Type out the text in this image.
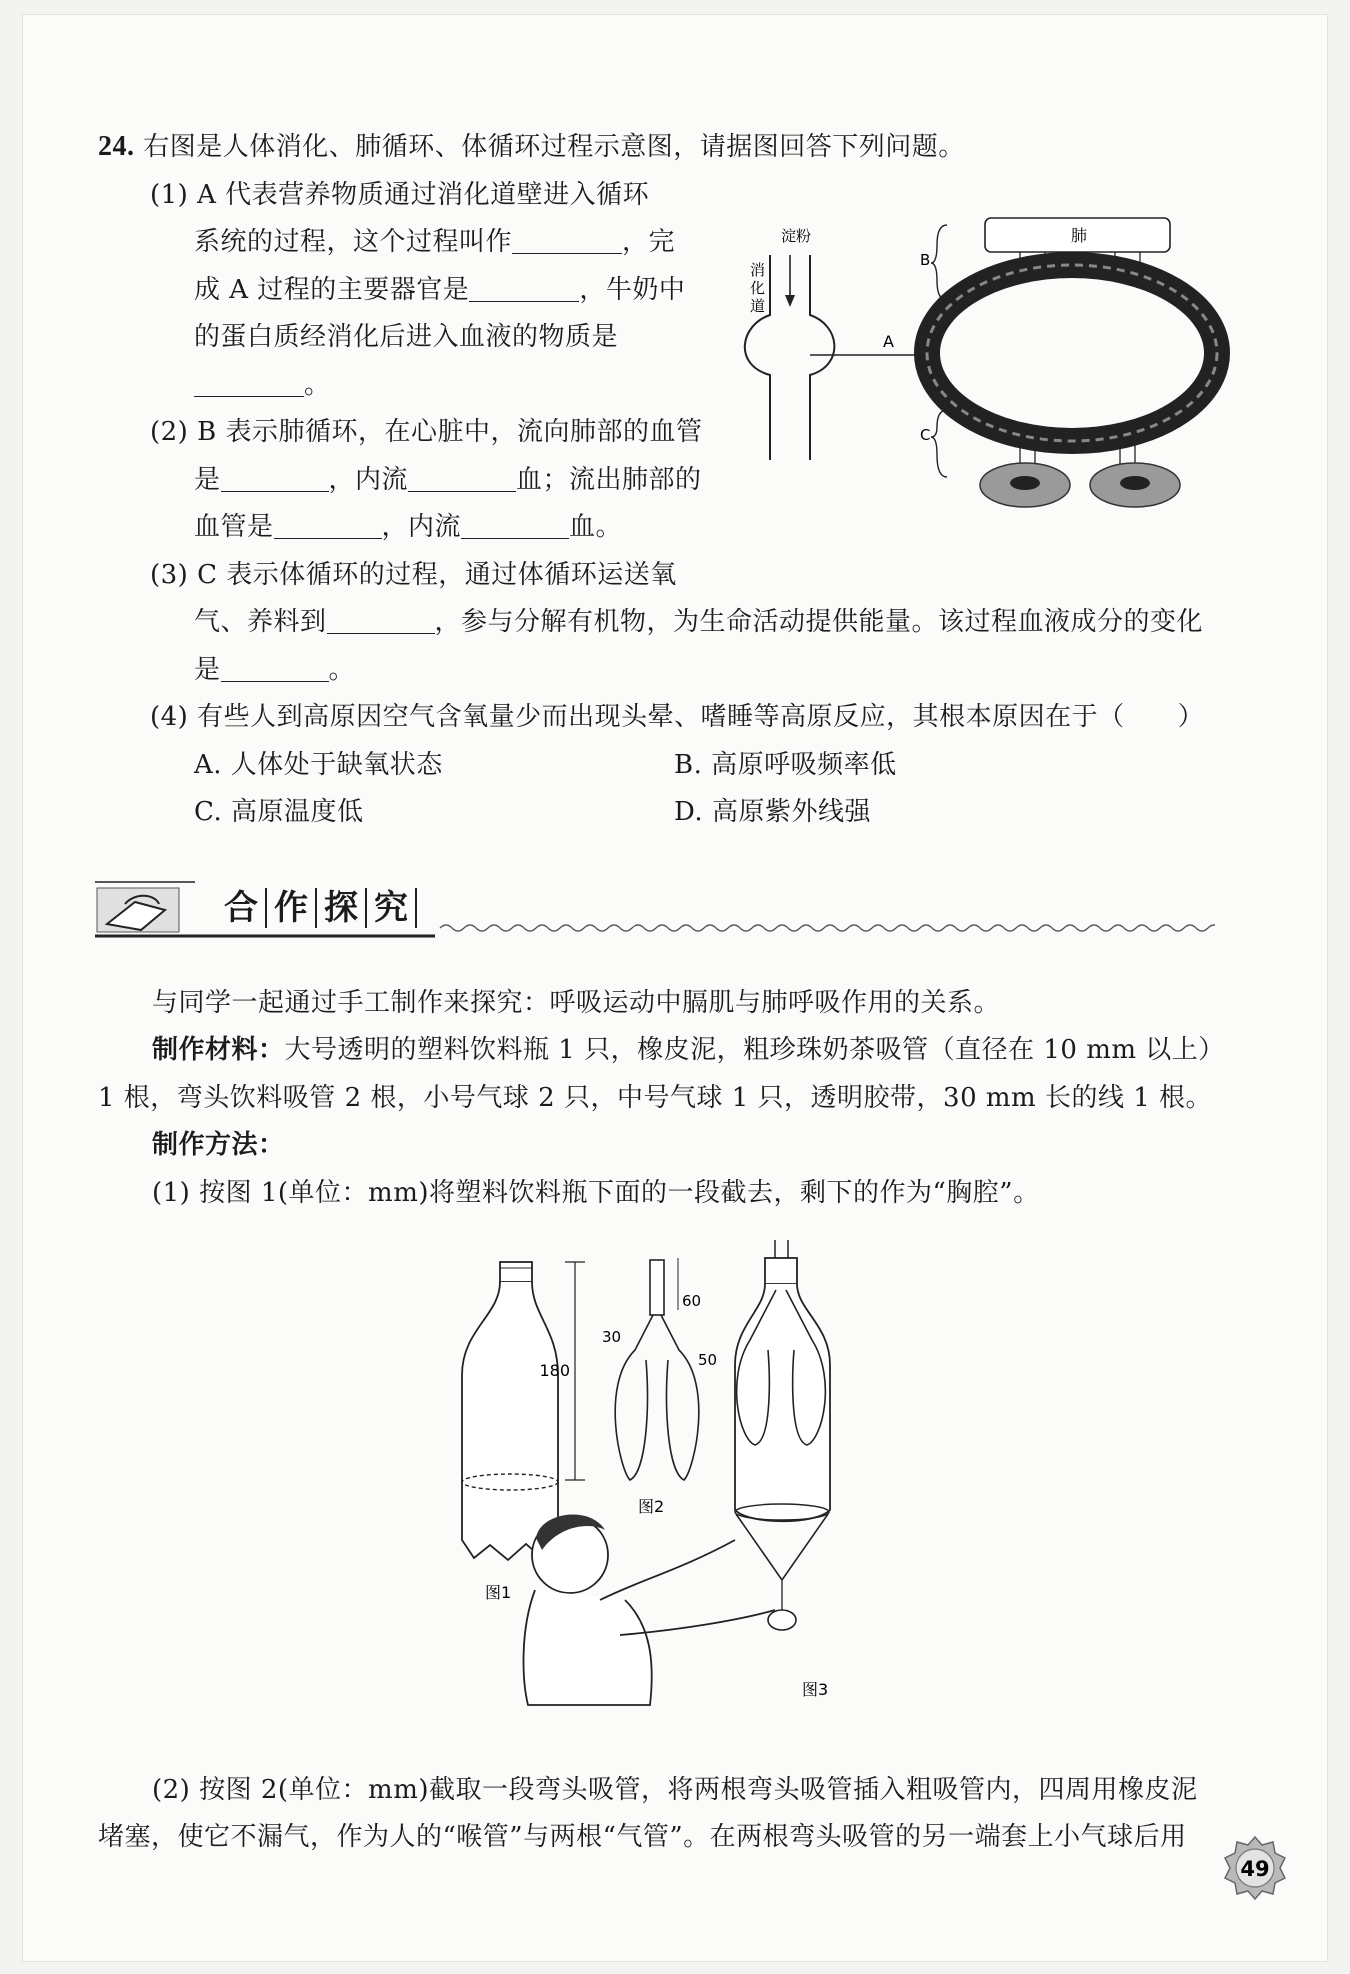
24. 右图是人体消化、肺循环、体循环过程示意图，请据图回答下列问题。
(1) A 代表营养物质通过消化道壁进入循环
系统的过程，这个过程叫作	，完
成 A 过程的主要器官是	，牛奶中
的蛋白质经消化后进入血液的物质是
。
(2) B 表示肺循环，在心脏中，流向肺部的血管
是	，内流	血；流出肺部的
血管是	，内流	血。
(3) C 表示体循环的过程，通过体循环运送氧
气、养料到	，参与分解有机物，为生命活动提供能量。该过程血液成分的变化
是	。
(4) 有些人到高原因空气含氧量少而出现头晕、嗜睡等高原反应，其根本原因在于（　　）
A. 人体处于缺氧状态	B. 高原呼吸频率低
C. 高原温度低	D. 高原紫外线强
淀粉
消
化
道
A
肺
B
C
合 作 探 究
与同学一起通过手工制作来探究：呼吸运动中膈肌与肺呼吸作用的关系。
制作材料：大号透明的塑料饮料瓶 1 只，橡皮泥，粗珍珠奶茶吸管（直径在 10 mm 以上）
1 根，弯头饮料吸管 2 根，小号气球 2 只，中号气球 1 只，透明胶带，30 mm 长的线 1 根。
制作方法：
(1) 按图 1(单位：mm)将塑料饮料瓶下面的一段截去，剩下的作为“胸腔”。
180
图1
60
30
50
图2
图3
(2) 按图 2(单位：mm)截取一段弯头吸管，将两根弯头吸管插入粗吸管内，四周用橡皮泥
堵塞，使它不漏气，作为人的“喉管”与两根“气管”。在两根弯头吸管的另一端套上小气球后用
49
